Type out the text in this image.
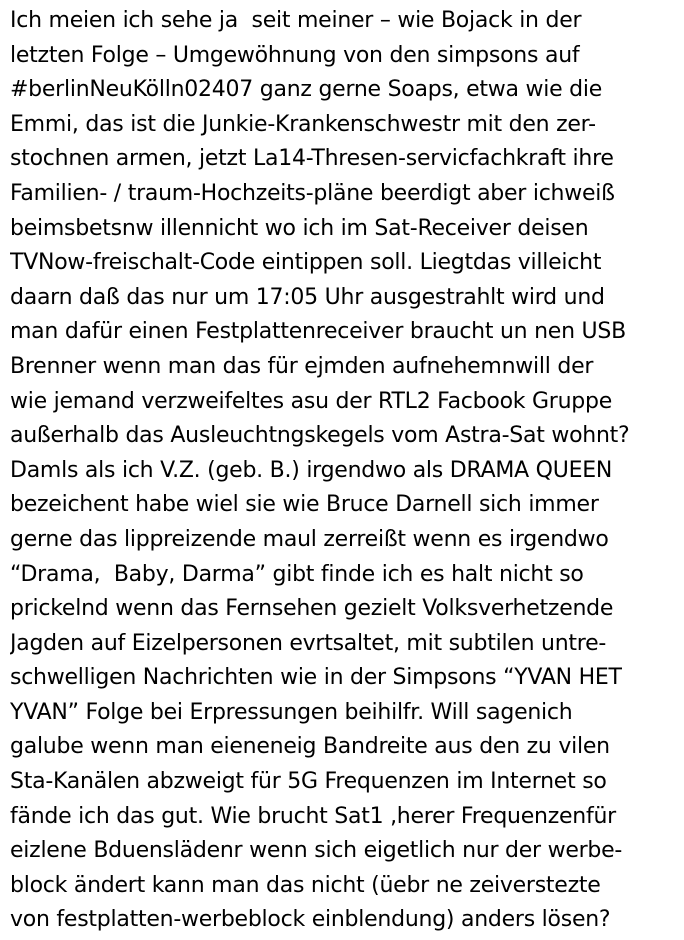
Ich meien ich sehe ja  seit meiner – wie Bojack in der
letzten Folge – Umgewöhnung von den simpsons auf
#berlinNeuKölln02407 ganz gerne Soaps, etwa wie die
Emmi, das ist die Junkie-Krankenschwestr mit den zer-
stochnen armen, jetzt La14-Thresen-servicfachkraft ihre
Familien- / traum-Hochzeits-pläne beerdigt aber ichweiß
beimsbetsnw illennicht wo ich im Sat-Receiver deisen
TVNow-freischalt-Code eintippen soll. Liegtdas villeicht
daarn daß das nur um 17:05 Uhr ausgestrahlt wird und
man dafür einen Festplattenreceiver braucht un nen USB
Brenner wenn man das für ejmden aufnehemnwill der
wie jemand verzweifeltes asu der RTL2 Facbook Gruppe
außerhalb das Ausleuchtngskegels vom Astra-Sat wohnt?
Damls als ich V.Z. (geb. B.) irgendwo als DRAMA QUEEN
bezeichent habe wiel sie wie Bruce Darnell sich immer
gerne das lippreizende maul zerreißt wenn es irgendwo
“Drama,  Baby, Darma” gibt finde ich es halt nicht so
prickelnd wenn das Fernsehen gezielt Volksverhetzende
Jagden auf Eizelpersonen evrtsaltet, mit subtilen untre-
schwelligen Nachrichten wie in der Simpsons “YVAN HET
YVAN” Folge bei Erpressungen beihilfr. Will sagenich
galube wenn man eieneneig Bandreite aus den zu vilen
Sta-Kanälen abzweigt für 5G Frequenzen im Internet so
fände ich das gut. Wie brucht Sat1 ,herer Frequenzenfür
eizlene Bduenslädenr wenn sich eigetlich nur der werbe-
block ändert kann man das nicht (üebr ne zeiverstezte
von festplatten-werbeblock einblendung) anders lösen?
